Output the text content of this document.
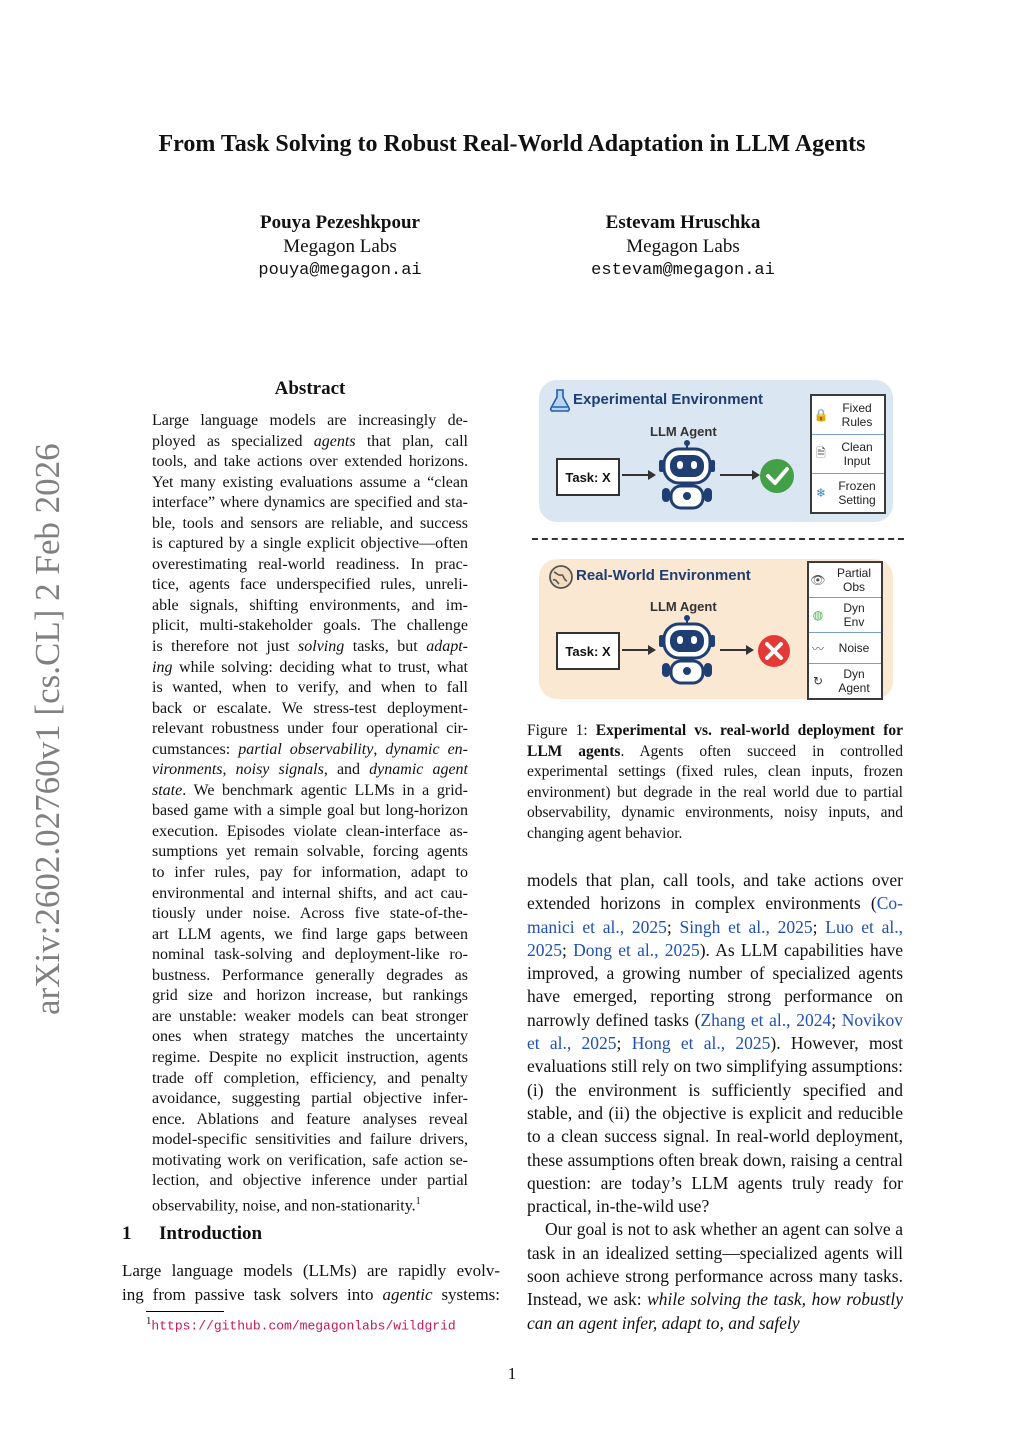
From Task Solving to Robust Real-World Adaptation in LLM Agents
Pouya Pezeshkpour
Megagon Labs
pouya@megagon.ai
Estevam Hruschka
Megagon Labs
estevam@megagon.ai
arXiv:2602.02760v1 [cs.CL] 2 Feb 2026
Abstract
Large language models are increasingly de-
ployed as specialized agents that plan, call
tools, and take actions over extended horizons.
Yet many existing evaluations assume a “clean
interface” where dynamics are specified and sta-
ble, tools and sensors are reliable, and success
is captured by a single explicit objective—often
overestimating real-world readiness. In prac-
tice, agents face underspecified rules, unreli-
able signals, shifting environments, and im-
plicit, multi-stakeholder goals. The challenge
is therefore not just solving tasks, but adapt-
ing while solving: deciding what to trust, what
is wanted, when to verify, and when to fall
back or escalate. We stress-test deployment-
relevant robustness under four operational cir-
cumstances: partial observability, dynamic en-
vironments, noisy signals, and dynamic agent
state. We benchmark agentic LLMs in a grid-
based game with a simple goal but long-horizon
execution. Episodes violate clean-interface as-
sumptions yet remain solvable, forcing agents
to infer rules, pay for information, adapt to
environmental and internal shifts, and act cau-
tiously under noise. Across five state-of-the-
art LLM agents, we find large gaps between
nominal task-solving and deployment-like ro-
bustness. Performance generally degrades as
grid size and horizon increase, but rankings
are unstable: weaker models can beat stronger
ones when strategy matches the uncertainty
regime. Despite no explicit instruction, agents
trade off completion, efficiency, and penalty
avoidance, suggesting partial objective infer-
ence. Ablations and feature analyses reveal
model-specific sensitivities and failure drivers,
motivating work on verification, safe action se-
lection, and objective inference under partial
observability, noise, and non-stationarity.$^1$
1 Introduction
Large language models (LLMs) are rapidly evolv-
ing from passive task solvers into agentic systems:
$^1$https://github.com/megagonlabs/wildgrid
Experimental Environment
LLM Agent
Task: X
🔒	Fixed
Rules
🗎	Clean
Input
❄	Frozen
Setting
Real-World Environment
LLM Agent
Task: X
👁 Partial
Obs
◍	Dyn
Env
〰	Noise
↻	Dyn
Agent
Figure 1: Experimental vs. real-world deployment for LLM agents. Agents often succeed in controlled experimental settings (fixed rules, clean inputs, frozen environment) but degrade in the real world due to partial observability, dynamic environments, noisy inputs, and changing agent behavior.

models that plan, call tools, and take actions over extended horizons in complex environments (Co-manici et al., 2025; Singh et al., 2025; Luo et al., 2025; Dong et al., 2025). As LLM capabilities have improved, a growing number of specialized agents have emerged, reporting strong performance on narrowly defined tasks (Zhang et al., 2024; Novikov et al., 2025; Hong et al., 2025). However, most evaluations still rely on two simplifying assumptions: (i) the environment is sufficiently specified and stable, and (ii) the objective is explicit and reducible to a clean success signal. In real-world deployment, these assumptions often break down, raising a central question: are today’s LLM agents truly ready for practical, in-the-wild use?

Our goal is not to ask whether an agent can solve a task in an idealized setting—specialized agents will soon achieve strong performance across many tasks. Instead, we ask: while solving the task, how robustly can an agent infer, adapt to, and safely

1
